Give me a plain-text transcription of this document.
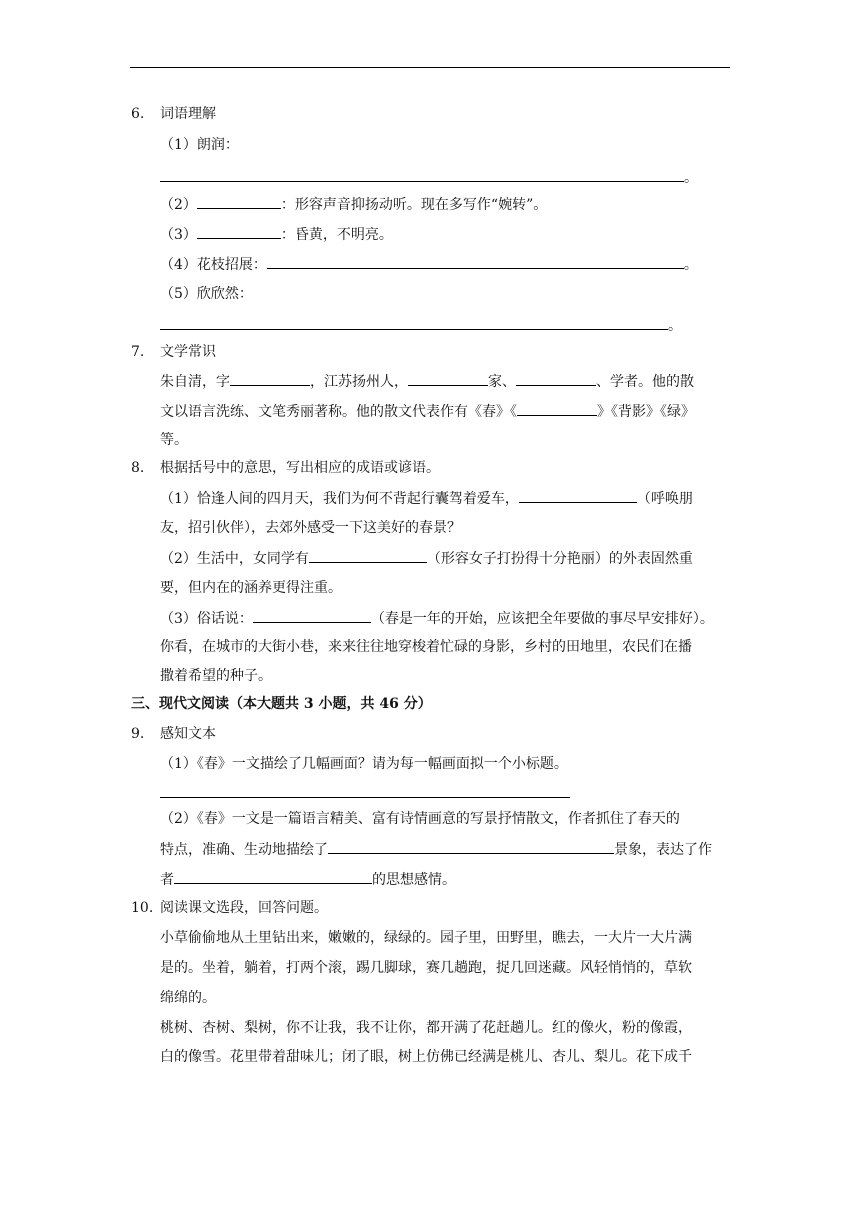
6. 词语理解
（1）朗润：
。
（2）	：形容声音抑扬动听。现在多写作“婉转”。
（3）	：昏黄，不明亮。
（4）花枝招展：	。
（5）欣欣然：
。
7. 文学常识
朱自清，字	，江苏扬州人，	家、	、学者。他的散
文以语言洗练、文笔秀丽著称。他的散文代表作有《春》《	》《背影》《绿》
等。
8. 根据括号中的意思，写出相应的成语或谚语。
（1）恰逢人间的四月天，我们为何不背起行囊驾着爱车，	（呼唤朋
友，招引伙伴），去郊外感受一下这美好的春景？
（2）生活中，女同学有	（形容女子打扮得十分艳丽）的外表固然重
要，但内在的涵养更得注重。
（3）俗话说：	（春是一年的开始，应该把全年要做的事尽早安排好）。
你看，在城市的大街小巷，来来往往地穿梭着忙碌的身影，乡村的田地里，农民们在播
撒着希望的种子。
三、现代文阅读（本大题共 3 小题，共 46 分）
9. 感知文本
（1）《春》一文描绘了几幅画面？请为每一幅画面拟一个小标题。
（2）《春》一文是一篇语言精美、富有诗情画意的写景抒情散文，作者抓住了春天的
特点，准确、生动地描绘了	景象，表达了作
者	的思想感情。
10. 阅读课文选段，回答问题。
小草偷偷地从土里钻出来，嫩嫩的，绿绿的。园子里，田野里，瞧去，一大片一大片满
是的。坐着，躺着，打两个滚，踢几脚球，赛几趟跑，捉几回迷藏。风轻悄悄的，草软
绵绵的。
桃树、杏树、梨树，你不让我，我不让你，都开满了花赶趟儿。红的像火，粉的像霞，
白的像雪。花里带着甜味儿；闭了眼，树上仿佛已经满是桃儿、杏儿、梨儿。花下成千
